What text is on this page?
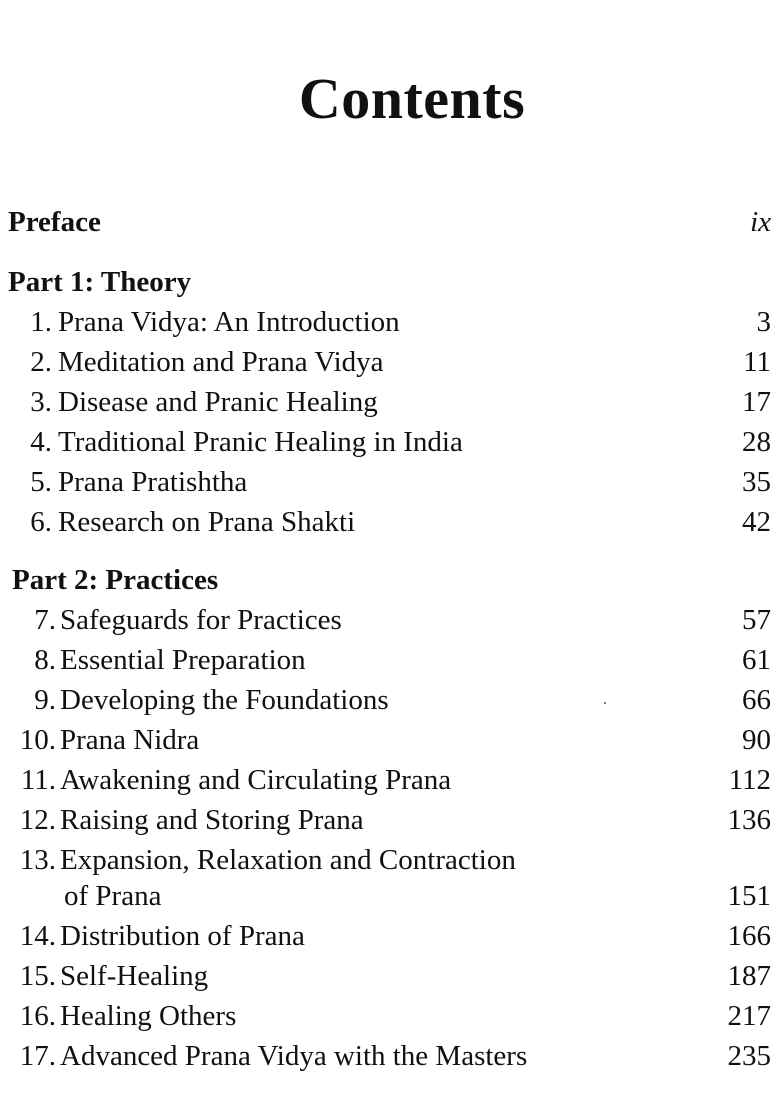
Contents
Preface	ix
Part 1: Theory
1. Prana Vidya: An Introduction	3
2. Meditation and Prana Vidya	11
3. Disease and Pranic Healing	17
4. Traditional Pranic Healing in India	28
5. Prana Pratishtha	35
6. Research on Prana Shakti	42
Part 2: Practices
7. Safeguards for Practices	57
8. Essential Preparation	61
9. Developing the Foundations	66
10. Prana Nidra	90
11. Awakening and Circulating Prana	112
12. Raising and Storing Prana	136
13. Expansion, Relaxation and Contraction
of Prana	151
14. Distribution of Prana	166
15. Self-Healing	187
16. Healing Others	217
17. Advanced Prana Vidya with the Masters	235
